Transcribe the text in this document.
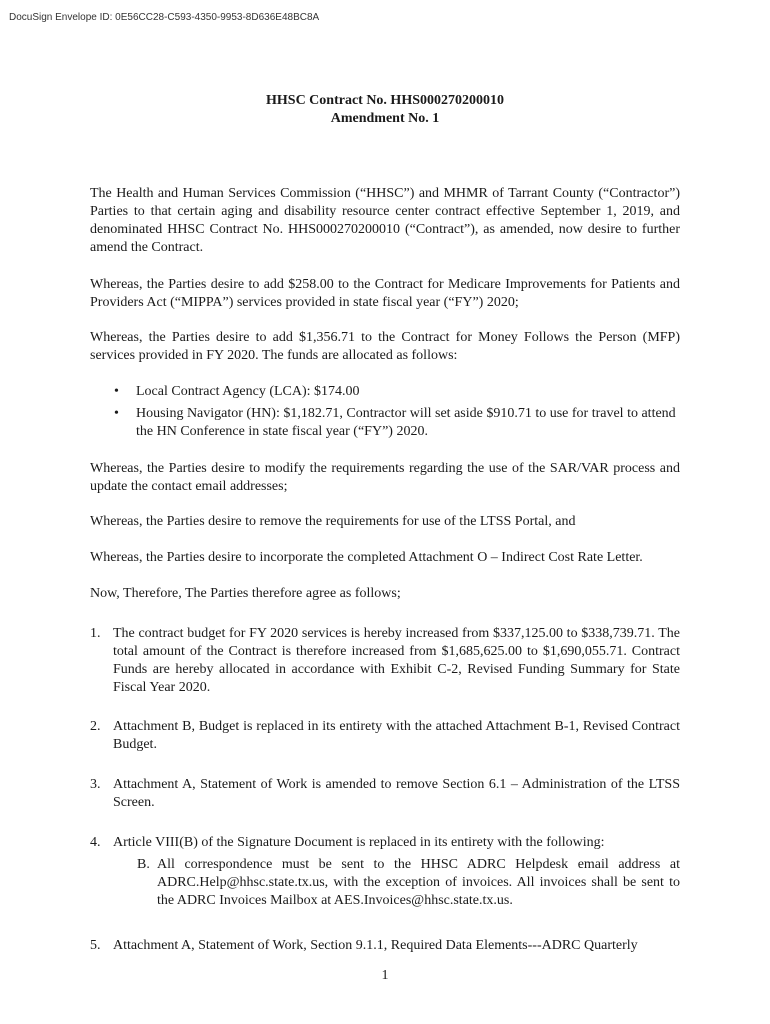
DocuSign Envelope ID: 0E56CC28-C593-4350-9953-8D636E48BC8A
HHSC Contract No. HHS000270200010
Amendment No. 1
The Health and Human Services Commission (“HHSC”) and MHMR of Tarrant County (“Contractor”) Parties to that certain aging and disability resource center contract effective September 1, 2019, and denominated HHSC Contract No. HHS000270200010 (“Contract”), as amended, now desire to further amend the Contract.
Whereas, the Parties desire to add $258.00 to the Contract for Medicare Improvements for Patients and Providers Act (“MIPPA”) services provided in state fiscal year (“FY”) 2020;
Whereas, the Parties desire to add $1,356.71 to the Contract for Money Follows the Person (MFP) services provided in FY 2020. The funds are allocated as follows:
• Local Contract Agency (LCA): $174.00
• Housing Navigator (HN): $1,182.71, Contractor will set aside $910.71 to use for travel to attend the HN Conference in state fiscal year (“FY”) 2020.
Whereas, the Parties desire to modify the requirements regarding the use of the SAR/VAR process and update the contact email addresses;
Whereas, the Parties desire to remove the requirements for use of the LTSS Portal, and
Whereas, the Parties desire to incorporate the completed Attachment O – Indirect Cost Rate Letter.
Now, Therefore, The Parties therefore agree as follows;
1. The contract budget for FY 2020 services is hereby increased from $337,125.00 to $338,739.71. The total amount of the Contract is therefore increased from $1,685,625.00 to $1,690,055.71. Contract Funds are hereby allocated in accordance with Exhibit C-2, Revised Funding Summary for State Fiscal Year 2020.
2. Attachment B, Budget is replaced in its entirety with the attached Attachment B-1, Revised Contract Budget.
3. Attachment A, Statement of Work is amended to remove Section 6.1 – Administration of the LTSS Screen.
4. Article VIII(B) of the Signature Document is replaced in its entirety with the following:
B. All correspondence must be sent to the HHSC ADRC Helpdesk email address at ADRC.Help@hhsc.state.tx.us, with the exception of invoices. All invoices shall be sent to the ADRC Invoices Mailbox at AES.Invoices@hhsc.state.tx.us.
5. Attachment A, Statement of Work, Section 9.1.1, Required Data Elements---ADRC Quarterly
1
